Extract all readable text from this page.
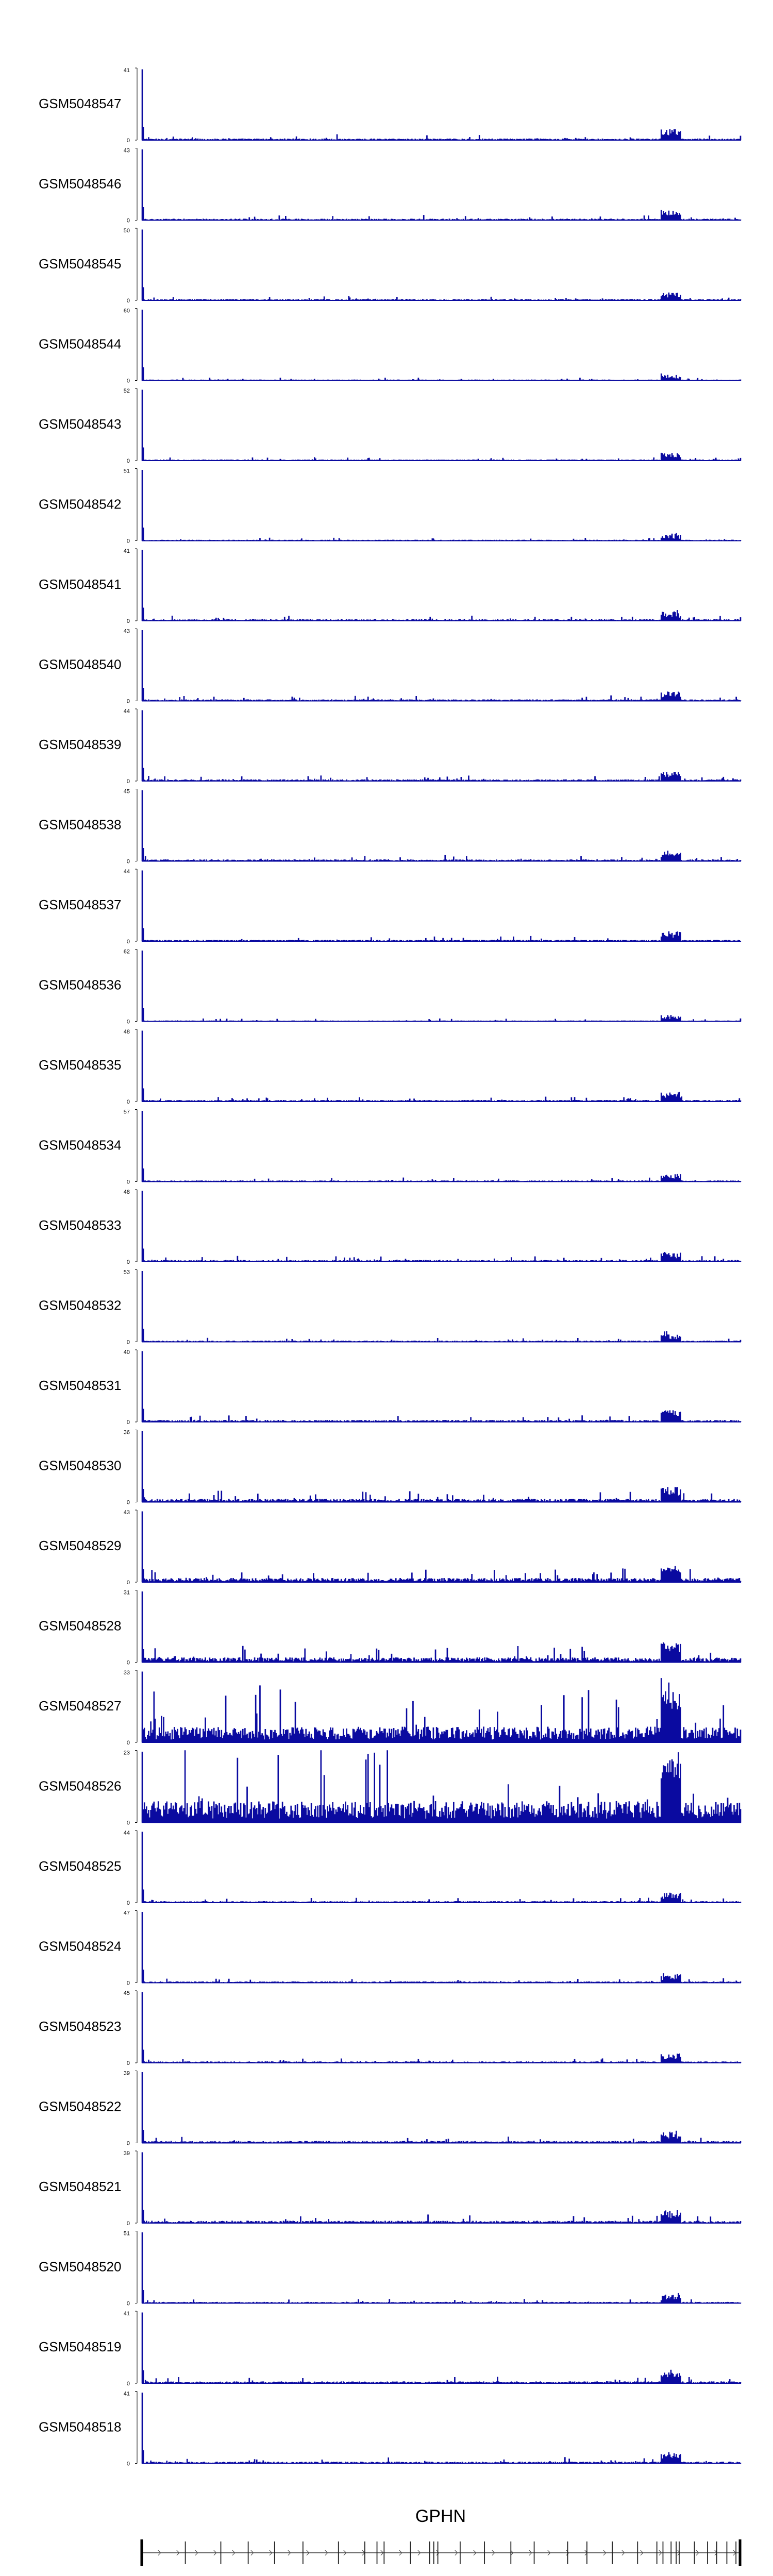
GSM5048547
41
0
GSM5048546
43
0
GSM5048545
50
0
GSM5048544
60
0
GSM5048543
52
0
GSM5048542
51
0
GSM5048541
41
0
GSM5048540
43
0
GSM5048539
44
0
GSM5048538
45
0
GSM5048537
44
0
GSM5048536
62
0
GSM5048535
48
0
GSM5048534
57
0
GSM5048533
48
0
GSM5048532
53
0
GSM5048531
40
0
GSM5048530
36
0
GSM5048529
43
0
GSM5048528
31
0
GSM5048527
33
0
GSM5048526
23
0
GSM5048525
44
0
GSM5048524
47
0
GSM5048523
45
0
GSM5048522
39
0
GSM5048521
39
0
GSM5048520
51
0
GSM5048519
41
0
GSM5048518
41
0
GPHN
